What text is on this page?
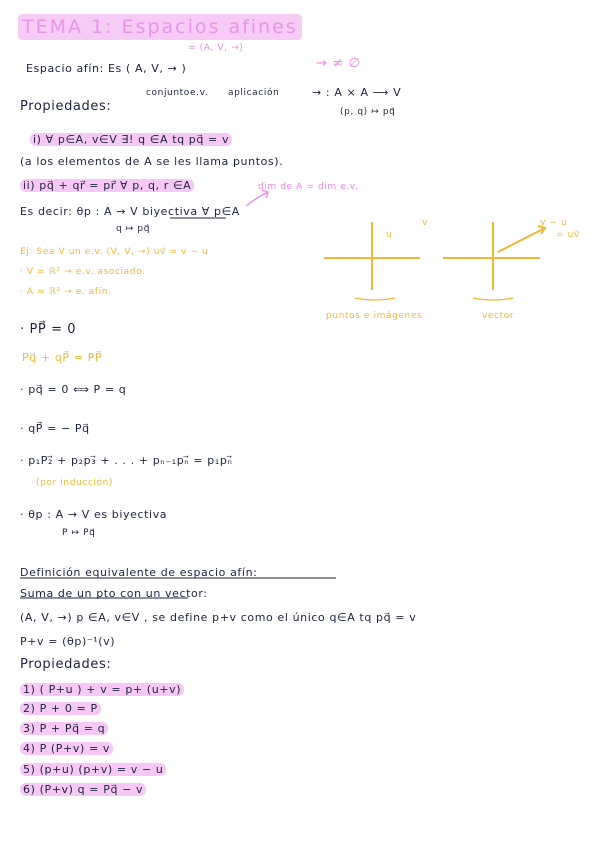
TEMA 1: Espacios afines
= (A, V, →)
Espacio afín: Es ( A, V, → )	→ ≠ ∅
conjunto e.v. aplicación	→ : A × A ⟶ V
(p, q) ↦ pq⃗
Propiedades:
i) ∀ p∈A, v∈V ∃! q ∈A tq pq⃗ = v
(a los elementos de A se les llama puntos).
ii) pq⃗ + qr⃗ = pr⃗ ∀ p, q, r ∈A	dim de A = dim e.v.
Es decir: θp : A → V biyectiva ∀ p∈A
q ↦ pq⃗
Ej: Sea V un e.v. (V, V, →) uv⃗ = v − u
· V = ℝ² → e.v. asociado.
· A = ℝ² → e. afín.
u
v	v − u
= uv⃗
puntos e imágenes	vector
· PP⃗ = 0
Pq⃗ + qP⃗ = PP⃗
· pq⃗ = 0 ⟺ P = q
· qP⃗ = − Pq⃗
· p₁P₂⃗ + p₂p₃⃗ + . . . + pₙ₋₁pₙ⃗ = p₁pₙ⃗
(por inducción)
· θp : A → V es biyectiva
P ↦ Pq⃗
Definición equivalente de espacio afín:
Suma de un pto con un vector:
(A, V, →) p ∈A, v∈V , se define p+v como el único q∈A tq pq⃗ = v
P+v = (θp)⁻¹(v)
Propiedades:
1) ( P+u ) + v = p+ (u+v)
2) P + 0 = P
3) P + Pq⃗ = q
4) P (P+v) = v
5) (p+u) (p+v) = v − u
6) (P+v) q = Pq⃗ − v
